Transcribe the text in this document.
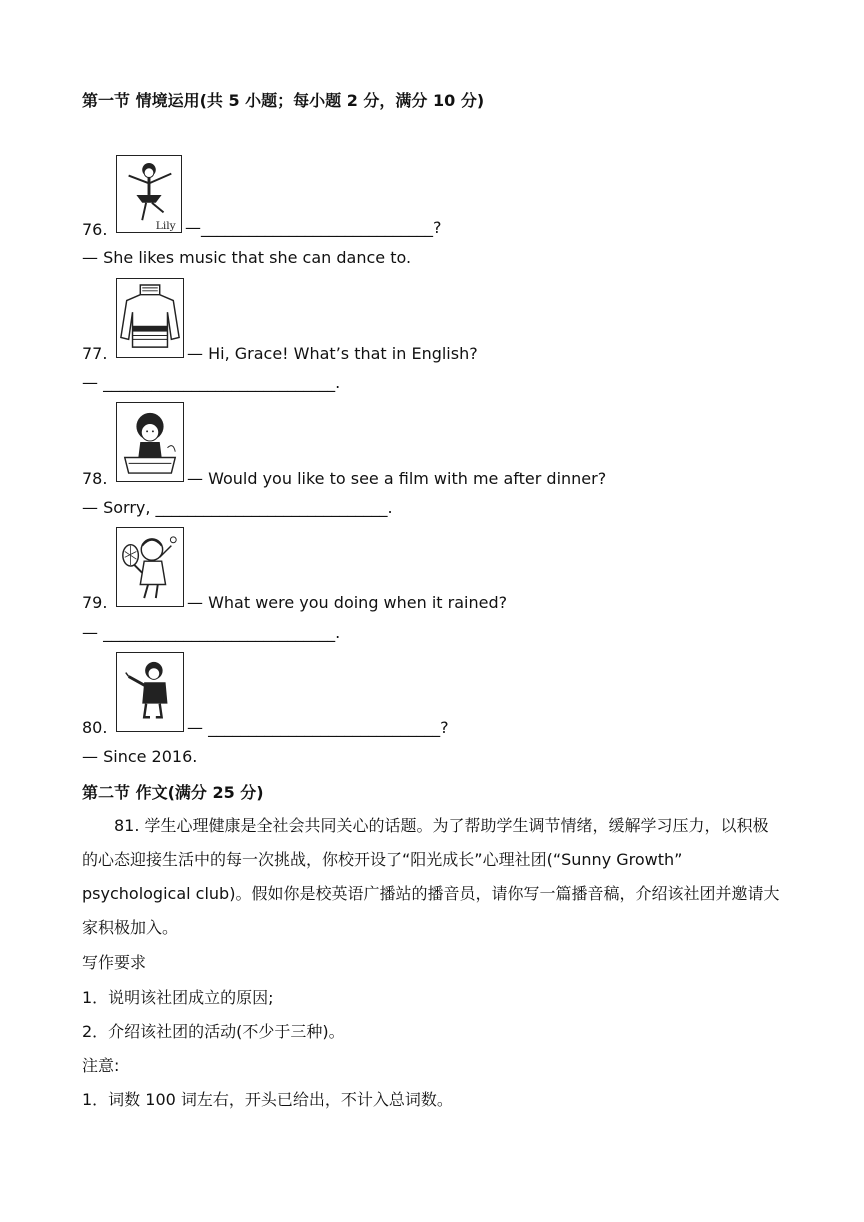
第一节 情境运用(共 5 小题；每小题 2 分，满分 10 分)
Lily
76.	—_____________________________?
— She likes music that she can dance to.
77.	— Hi, Grace! What’s that in English?
— _____________________________.
78.	— Would you like to see a film with me after dinner?
— Sorry, _____________________________.
79.	— What were you doing when it rained?
— _____________________________.
80.	— _____________________________?
— Since 2016.
第二节 作文(满分 25 分)
81. 学生心理健康是全社会共同关心的话题。为了帮助学生调节情绪，缓解学习压力，以积极的心态迎接生活中的每一次挑战，你校开设了“阳光成长”心理社团(“Sunny Growth” psychological club)。假如你是校英语广播站的播音员，请你写一篇播音稿，介绍该社团并邀请大家积极加入。
写作要求
1．说明该社团成立的原因;
2．介绍该社团的活动(不少于三种)。
注意:
1．词数 100 词左右，开头已给出，不计入总词数。
